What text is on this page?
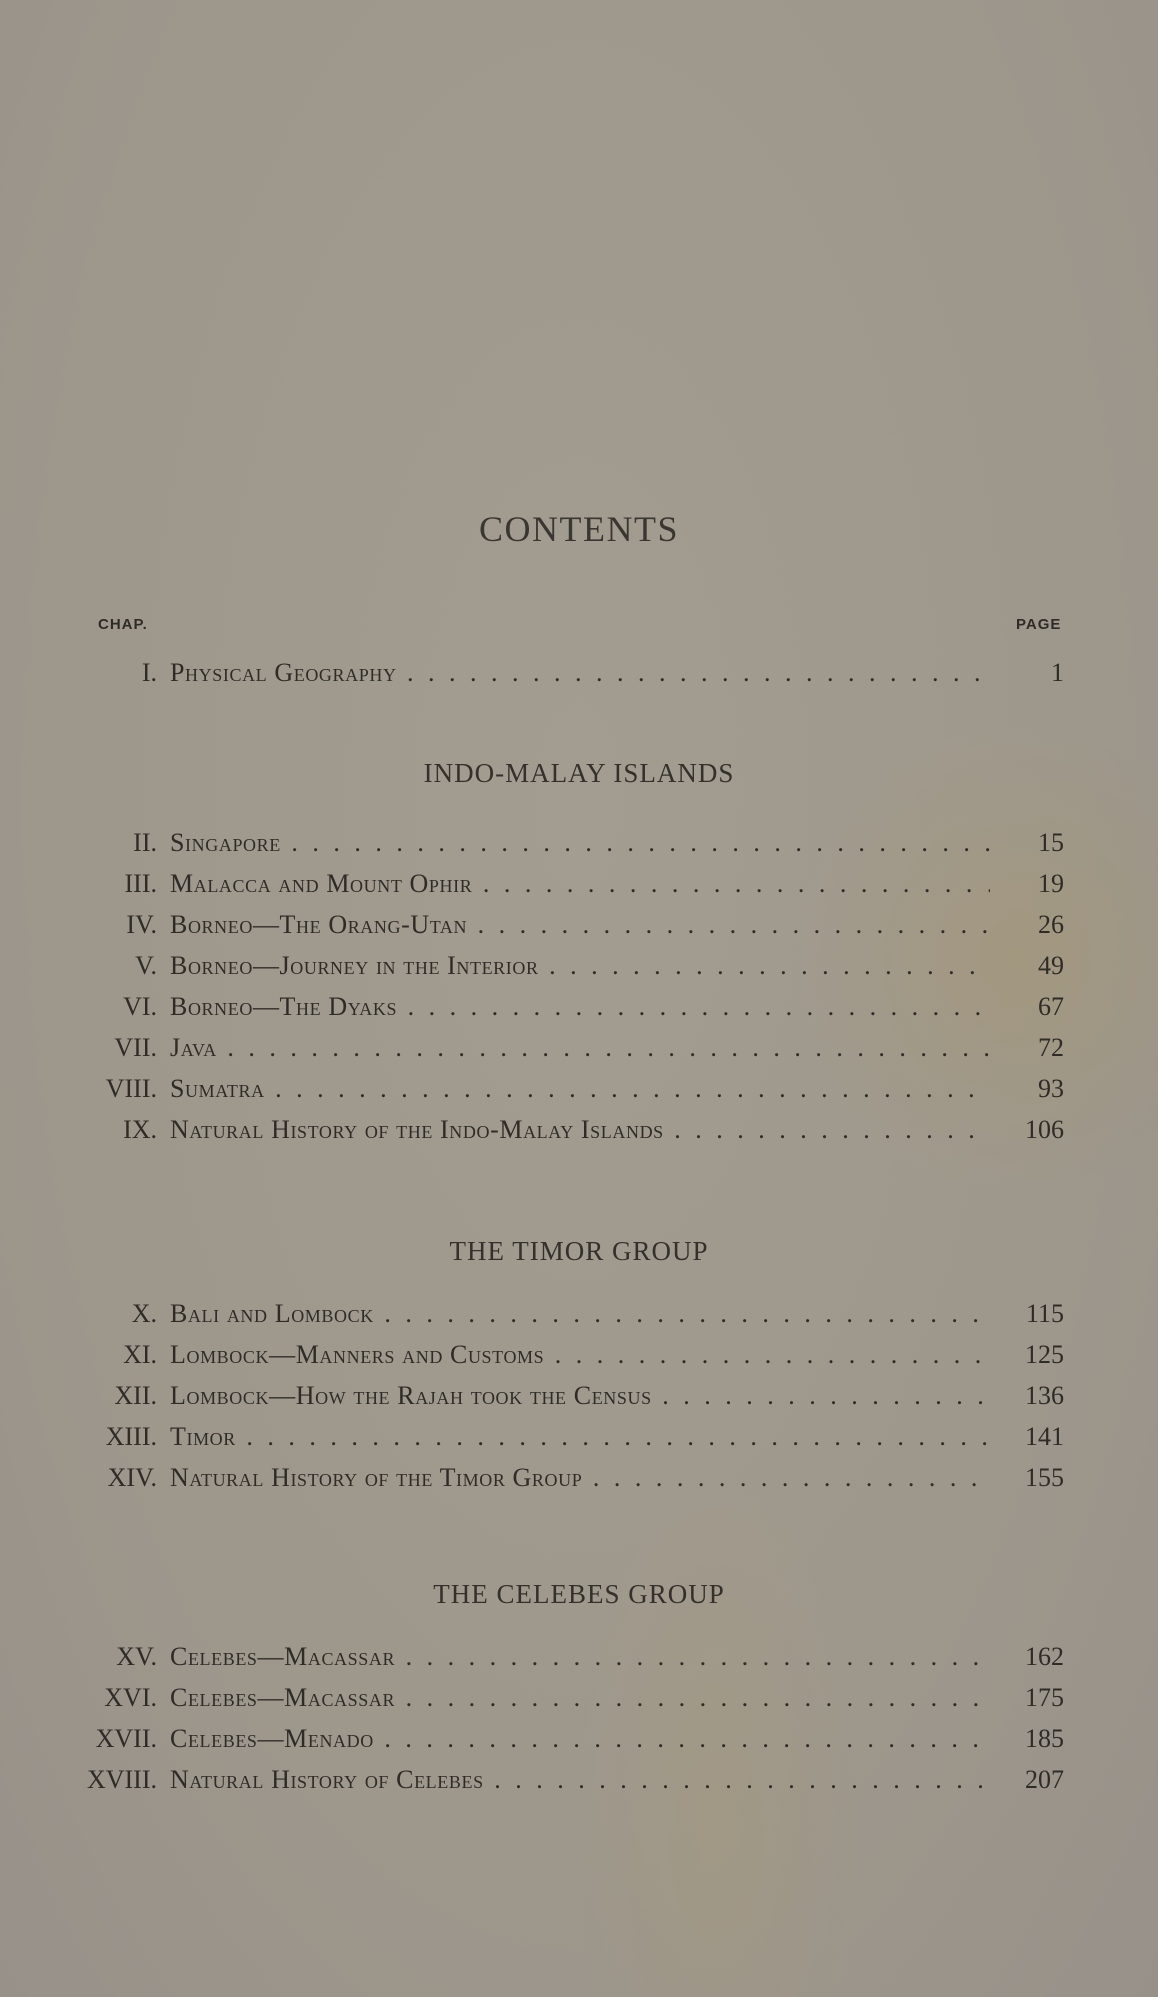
CONTENTS
CHAP.	PAGE
I. Physical Geography . . .	1
INDO-MALAY ISLANDS
II. Singapore . . .	15
III. Malacca and Mount Ophir . . .	19
IV. Borneo—The Orang-Utan . . .	26
V. Borneo—Journey in the Interior . . .	49
VI. Borneo—The Dyaks . . .	67
VII. Java . . .	72
VIII. Sumatra . . .	93
IX. Natural History of the Indo-Malay Islands . . .	106
THE TIMOR GROUP
X. Bali and Lombock . . .	115
XI. Lombock—Manners and Customs . . .	125
XII. Lombock—How the Rajah took the Census . . .	136
XIII. Timor . . .	141
XIV. Natural History of the Timor Group . . .	155
THE CELEBES GROUP
XV. Celebes—Macassar . . .	162
XVI. Celebes—Macassar . . .	175
XVII. Celebes—Menado . . .	185
XVIII. Natural History of Celebes . . .	207
